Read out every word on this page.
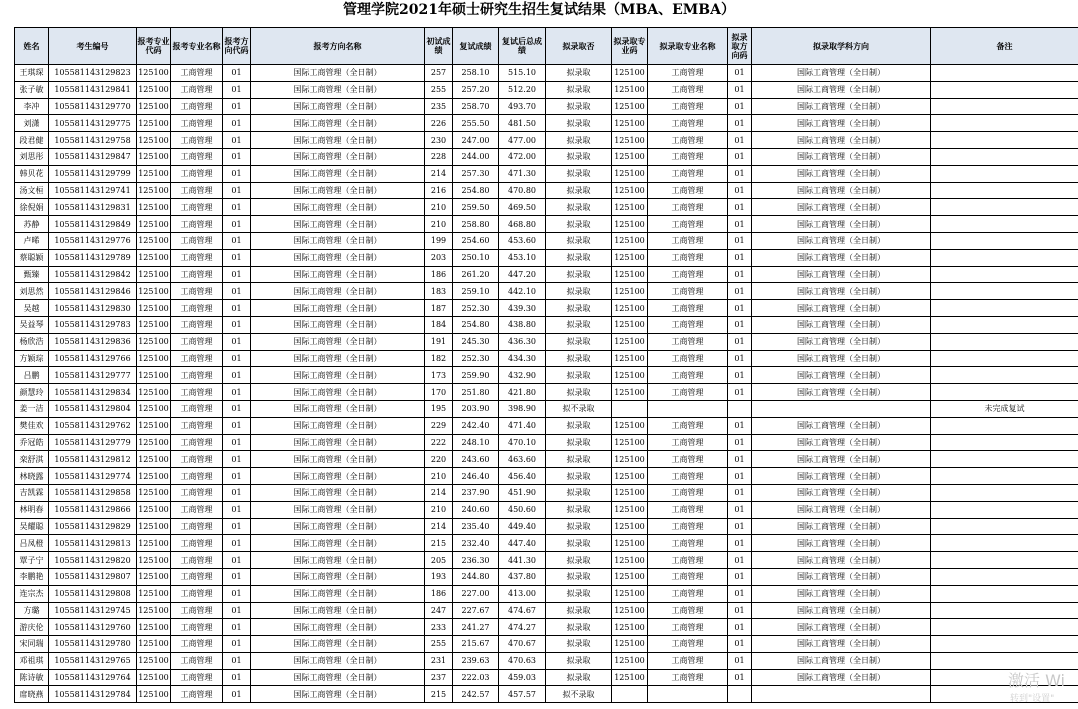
管理学院2021年硕士研究生招生复试结果（MBA、EMBA）
姓名	考生编号	报考专业代码	报考专业名称	报考方向代码	报考方向名称	初试成绩	复试成绩	复试后总成绩	拟录取否	拟录取专业码	拟录取专业名称	拟录取方向码	拟录取学科方向	备注
王琪琛	105581143129823	125100	工商管理	01	国际工商管理（全日制）	257	258.10	515.10	拟录取	125100	工商管理	01	国际工商管理（全日制）	
张子敏	105581143129841	125100	工商管理	01	国际工商管理（全日制）	255	257.20	512.20	拟录取	125100	工商管理	01	国际工商管理（全日制）	
李冲	105581143129770	125100	工商管理	01	国际工商管理（全日制）	235	258.70	493.70	拟录取	125100	工商管理	01	国际工商管理（全日制）	
刘潇	105581143129775	125100	工商管理	01	国际工商管理（全日制）	226	255.50	481.50	拟录取	125100	工商管理	01	国际工商管理（全日制）	
段君健	105581143129758	125100	工商管理	01	国际工商管理（全日制）	230	247.00	477.00	拟录取	125100	工商管理	01	国际工商管理（全日制）	
刘思彤	105581143129847	125100	工商管理	01	国际工商管理（全日制）	228	244.00	472.00	拟录取	125100	工商管理	01	国际工商管理（全日制）	
韩贝花	105581143129799	125100	工商管理	01	国际工商管理（全日制）	214	257.30	471.30	拟录取	125100	工商管理	01	国际工商管理（全日制）	
汤文桓	105581143129741	125100	工商管理	01	国际工商管理（全日制）	216	254.80	470.80	拟录取	125100	工商管理	01	国际工商管理（全日制）	
徐倪娟	105581143129831	125100	工商管理	01	国际工商管理（全日制）	210	259.50	469.50	拟录取	125100	工商管理	01	国际工商管理（全日制）	
苏静	105581143129849	125100	工商管理	01	国际工商管理（全日制）	210	258.80	468.80	拟录取	125100	工商管理	01	国际工商管理（全日制）	
卢晞	105581143129776	125100	工商管理	01	国际工商管理（全日制）	199	254.60	453.60	拟录取	125100	工商管理	01	国际工商管理（全日制）	
蔡聪颖	105581143129789	125100	工商管理	01	国际工商管理（全日制）	203	250.10	453.10	拟录取	125100	工商管理	01	国际工商管理（全日制）	
甄臻	105581143129842	125100	工商管理	01	国际工商管理（全日制）	186	261.20	447.20	拟录取	125100	工商管理	01	国际工商管理（全日制）	
刘思然	105581143129846	125100	工商管理	01	国际工商管理（全日制）	183	259.10	442.10	拟录取	125100	工商管理	01	国际工商管理（全日制）	
吴越	105581143129830	125100	工商管理	01	国际工商管理（全日制）	187	252.30	439.30	拟录取	125100	工商管理	01	国际工商管理（全日制）	
吴益琴	105581143129783	125100	工商管理	01	国际工商管理（全日制）	184	254.80	438.80	拟录取	125100	工商管理	01	国际工商管理（全日制）	
杨欣浩	105581143129836	125100	工商管理	01	国际工商管理（全日制）	191	245.30	436.30	拟录取	125100	工商管理	01	国际工商管理（全日制）	
方颖琮	105581143129766	125100	工商管理	01	国际工商管理（全日制）	182	252.30	434.30	拟录取	125100	工商管理	01	国际工商管理（全日制）	
吕鹏	105581143129777	125100	工商管理	01	国际工商管理（全日制）	173	259.90	432.90	拟录取	125100	工商管理	01	国际工商管理（全日制）	
颜慧玲	105581143129834	125100	工商管理	01	国际工商管理（全日制）	170	251.80	421.80	拟录取	125100	工商管理	01	国际工商管理（全日制）	
姜一洁	105581143129804	125100	工商管理	01	国际工商管理（全日制）	195	203.90	398.90	拟不录取					未完成复试
樊佳欢	105581143129762	125100	工商管理	01	国际工商管理（全日制）	229	242.40	471.40	拟录取	125100	工商管理	01	国际工商管理（全日制）	
乔冠皓	105581143129779	125100	工商管理	01	国际工商管理（全日制）	222	248.10	470.10	拟录取	125100	工商管理	01	国际工商管理（全日制）	
栾舒淇	105581143129812	125100	工商管理	01	国际工商管理（全日制）	220	243.60	463.60	拟录取	125100	工商管理	01	国际工商管理（全日制）	
林晓露	105581143129774	125100	工商管理	01	国际工商管理（全日制）	210	246.40	456.40	拟录取	125100	工商管理	01	国际工商管理（全日制）	
吉凯霖	105581143129858	125100	工商管理	01	国际工商管理（全日制）	214	237.90	451.90	拟录取	125100	工商管理	01	国际工商管理（全日制）	
林明春	105581143129866	125100	工商管理	01	国际工商管理（全日制）	210	240.60	450.60	拟录取	125100	工商管理	01	国际工商管理（全日制）	
吴耀聪	105581143129829	125100	工商管理	01	国际工商管理（全日制）	214	235.40	449.40	拟录取	125100	工商管理	01	国际工商管理（全日制）	
吕凤橙	105581143129813	125100	工商管理	01	国际工商管理（全日制）	215	232.40	447.40	拟录取	125100	工商管理	01	国际工商管理（全日制）	
覃子宁	105581143129820	125100	工商管理	01	国际工商管理（全日制）	205	236.30	441.30	拟录取	125100	工商管理	01	国际工商管理（全日制）	
李鹏艳	105581143129807	125100	工商管理	01	国际工商管理（全日制）	193	244.80	437.80	拟录取	125100	工商管理	01	国际工商管理（全日制）	
连宗杰	105581143129808	125100	工商管理	01	国际工商管理（全日制）	186	227.00	413.00	拟录取	125100	工商管理	01	国际工商管理（全日制）	
方璐	105581143129745	125100	工商管理	01	国际工商管理（全日制）	247	227.67	474.67	拟录取	125100	工商管理	01	国际工商管理（全日制）	
游庆伦	105581143129760	125100	工商管理	01	国际工商管理（全日制）	233	241.27	474.27	拟录取	125100	工商管理	01	国际工商管理（全日制）	
宋同瑞	105581143129780	125100	工商管理	01	国际工商管理（全日制）	255	215.67	470.67	拟录取	125100	工商管理	01	国际工商管理（全日制）	
邓祖琪	105581143129765	125100	工商管理	01	国际工商管理（全日制）	231	239.63	470.63	拟录取	125100	工商管理	01	国际工商管理（全日制）	
陈诗敏	105581143129764	125100	工商管理	01	国际工商管理（全日制）	237	222.03	459.03	拟录取	125100	工商管理	01	国际工商管理（全日制）	
席晓燕	105581143129784	125100	工商管理	01	国际工商管理（全日制）	215	242.57	457.57	拟不录取					
激活 Wi
转到"设置"
